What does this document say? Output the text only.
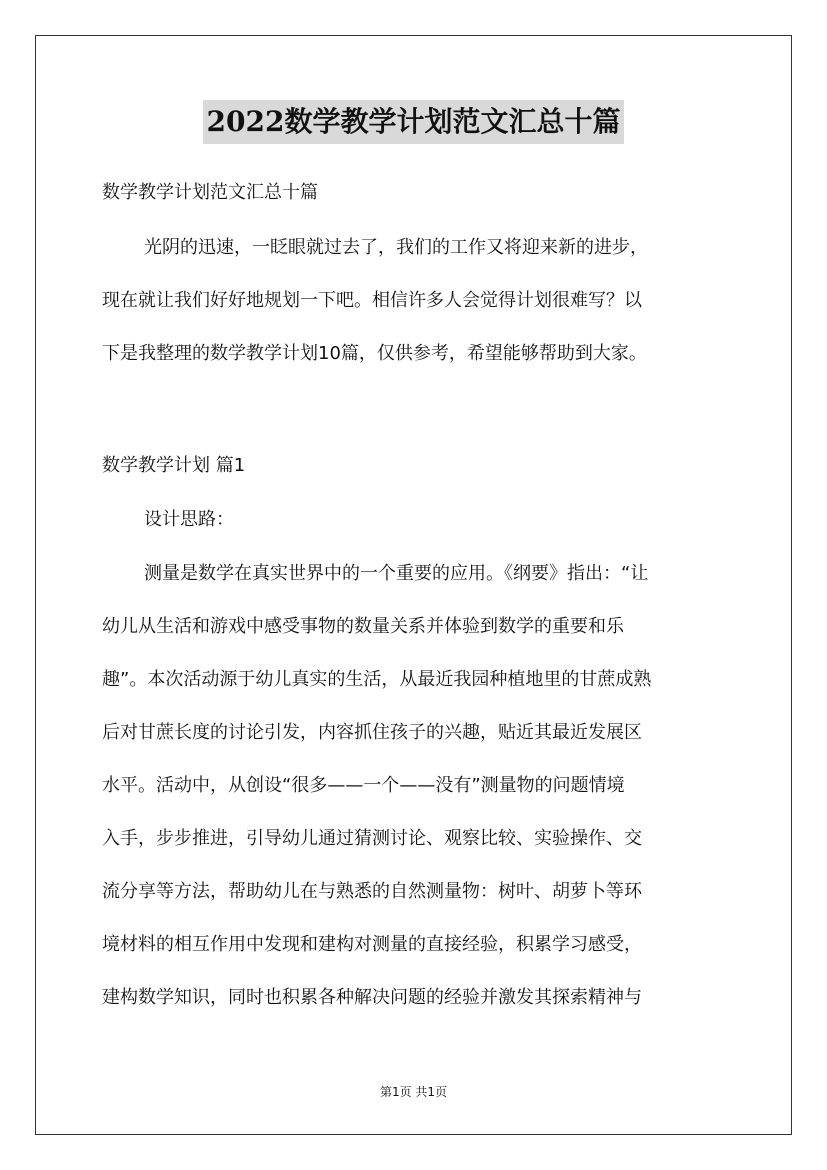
2022数学教学计划范文汇总十篇
数学教学计划范文汇总十篇
光阴的迅速，一眨眼就过去了，我们的工作又将迎来新的进步，
现在就让我们好好地规划一下吧。相信许多人会觉得计划很难写？以
下是我整理的数学教学计划10篇，仅供参考，希望能够帮助到大家。
数学教学计划 篇1
设计思路：
测量是数学在真实世界中的一个重要的应用。《纲要》指出：“让
幼儿从生活和游戏中感受事物的数量关系并体验到数学的重要和乐
趣”。本次活动源于幼儿真实的生活，从最近我园种植地里的甘蔗成熟
后对甘蔗长度的讨论引发，内容抓住孩子的兴趣，贴近其最近发展区
水平。活动中，从创设“很多——一个——没有”测量物的问题情境
入手，步步推进，引导幼儿通过猜测讨论、观察比较、实验操作、交
流分享等方法，帮助幼儿在与熟悉的自然测量物：树叶、胡萝卜等环
境材料的相互作用中发现和建构对测量的直接经验，积累学习感受，
建构数学知识，同时也积累各种解决问题的经验并激发其探索精神与
第1页 共1页
